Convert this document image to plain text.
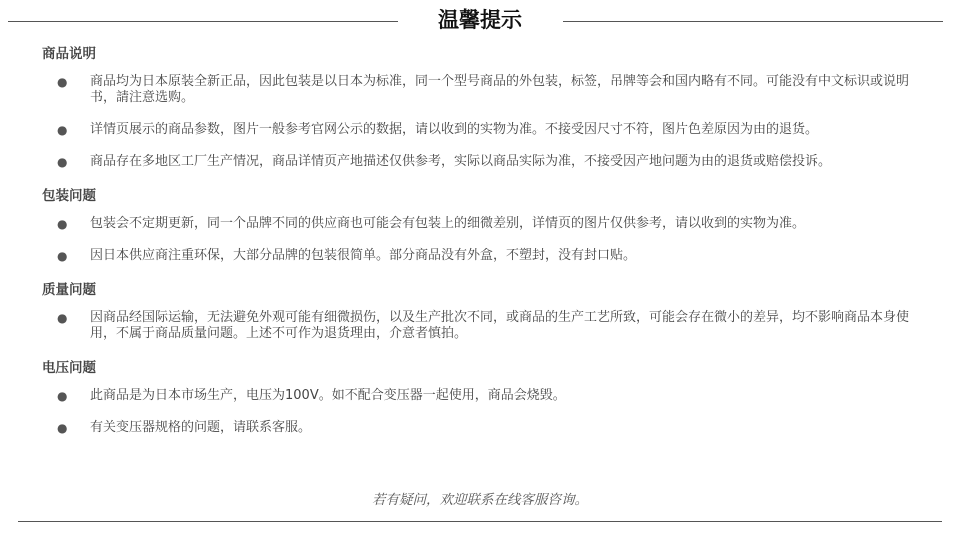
温馨提示
商品说明
● 商品均为日本原装全新正品，因此包装是以日本为标准，同一个型号商品的外包装，标签，吊牌等会和国内略有不同。可能没有中文标识或说明书，請注意选购。
● 详情页展示的商品参数，图片一般参考官网公示的数据，请以收到的实物为准。不接受因尺寸不符，图片色差原因为由的退货。
● 商品存在多地区工厂生产情况，商品详情页产地描述仅供参考，实际以商品实际为准，不接受因产地问题为由的退货或赔偿投诉。
包装问题
● 包装会不定期更新，同一个品牌不同的供应商也可能会有包装上的细微差别，详情页的图片仅供参考，请以收到的实物为准。
● 因日本供应商注重环保，大部分品牌的包装很简单。部分商品没有外盒，不塑封，没有封口贴。
质量问题
● 因商品经国际运输，无法避免外观可能有细微损伤，以及生产批次不同，或商品的生产工艺所致，可能会存在微小的差异，均不影响商品本身使用，不属于商品质量问题。上述不可作为退货理由，介意者慎拍。
电压问题
● 此商品是为日本市场生产，电压为100V。如不配合变压器一起使用，商品会烧毁。
● 有关变压器规格的问题，请联系客服。
若有疑问，欢迎联系在线客服咨询。
